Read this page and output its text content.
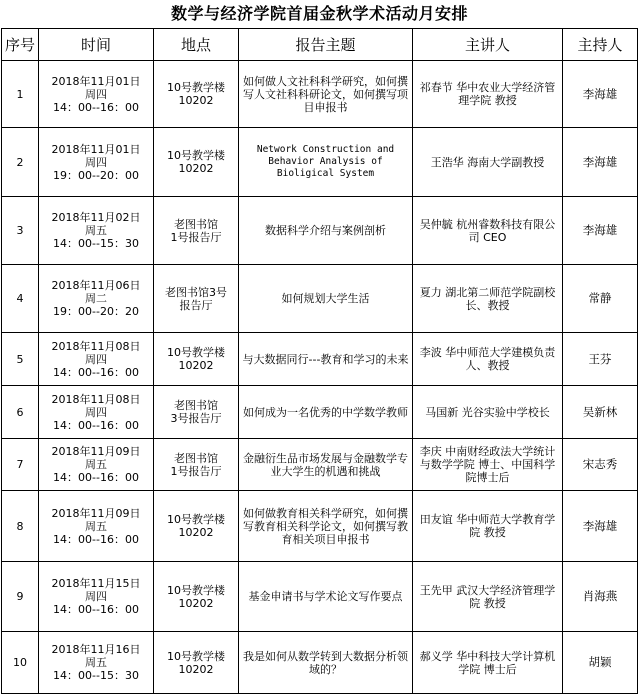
数学与经济学院首届金秋学术活动月安排
序号	时间	地点	报告主题	主讲人	主持人
1	2018年11月01日
周四
14：00--16：00	10号教学楼
10202	如何做人文社科科学研究，如何撰写人文社科科研论文，如何撰写项目申报书	祁春节 华中农业大学经济管理学院 教授	李海雄
2	2018年11月01日
周四
19：00--20：00	10号教学楼
10202	Network Construction and Behavior Analysis of Bioligical System	王浩华 海南大学副教授	李海雄
3	2018年11月02日
周五
14：00--15：30	老图书馆
1号报告厅	数据科学介绍与案例剖析	吴仲毓 杭州睿数科技有限公司 CEO	李海雄
4	2018年11月06日
周二
19：00--20：20	老图书馆3号
报告厅	如何规划大学生活	夏力 湖北第二师范学院副校长、教授	常静
5	2018年11月08日
周四
14：00--16：00	10号教学楼
10202	与大数据同行---教育和学习的未来	李波 华中师范大学建模负责人、教授	王芬
6	2018年11月08日
周四
14：00--16：00	老图书馆
3号报告厅	如何成为一名优秀的中学数学教师	马国新 光谷实验中学校长	吴新林
7	2018年11月09日
周五
14：00--16：00	老图书馆
1号报告厅	金融衍生品市场发展与金融数学专业大学生的机遇和挑战	李庆 中南财经政法大学统计与数学学院 博士、中国科学院博士后	宋志秀
8	2018年11月09日
周五
14：00--16：00	10号教学楼
10202	如何做教育相关科学研究，如何撰写教育相关科学论文，如何撰写教育相关项目申报书	田友谊 华中师范大学教育学院 教授	李海雄
9	2018年11月15日
周四
14：00--16：00	10号教学楼
10202	基金申请书与学术论文写作要点	王先甲 武汉大学经济管理学院 教授	肖海燕
10	2018年11月16日
周五
14：00--15：30	10号教学楼
10202	我是如何从数学转到大数据分析领域的？	郝义学 华中科技大学计算机学院 博士后	胡颖
